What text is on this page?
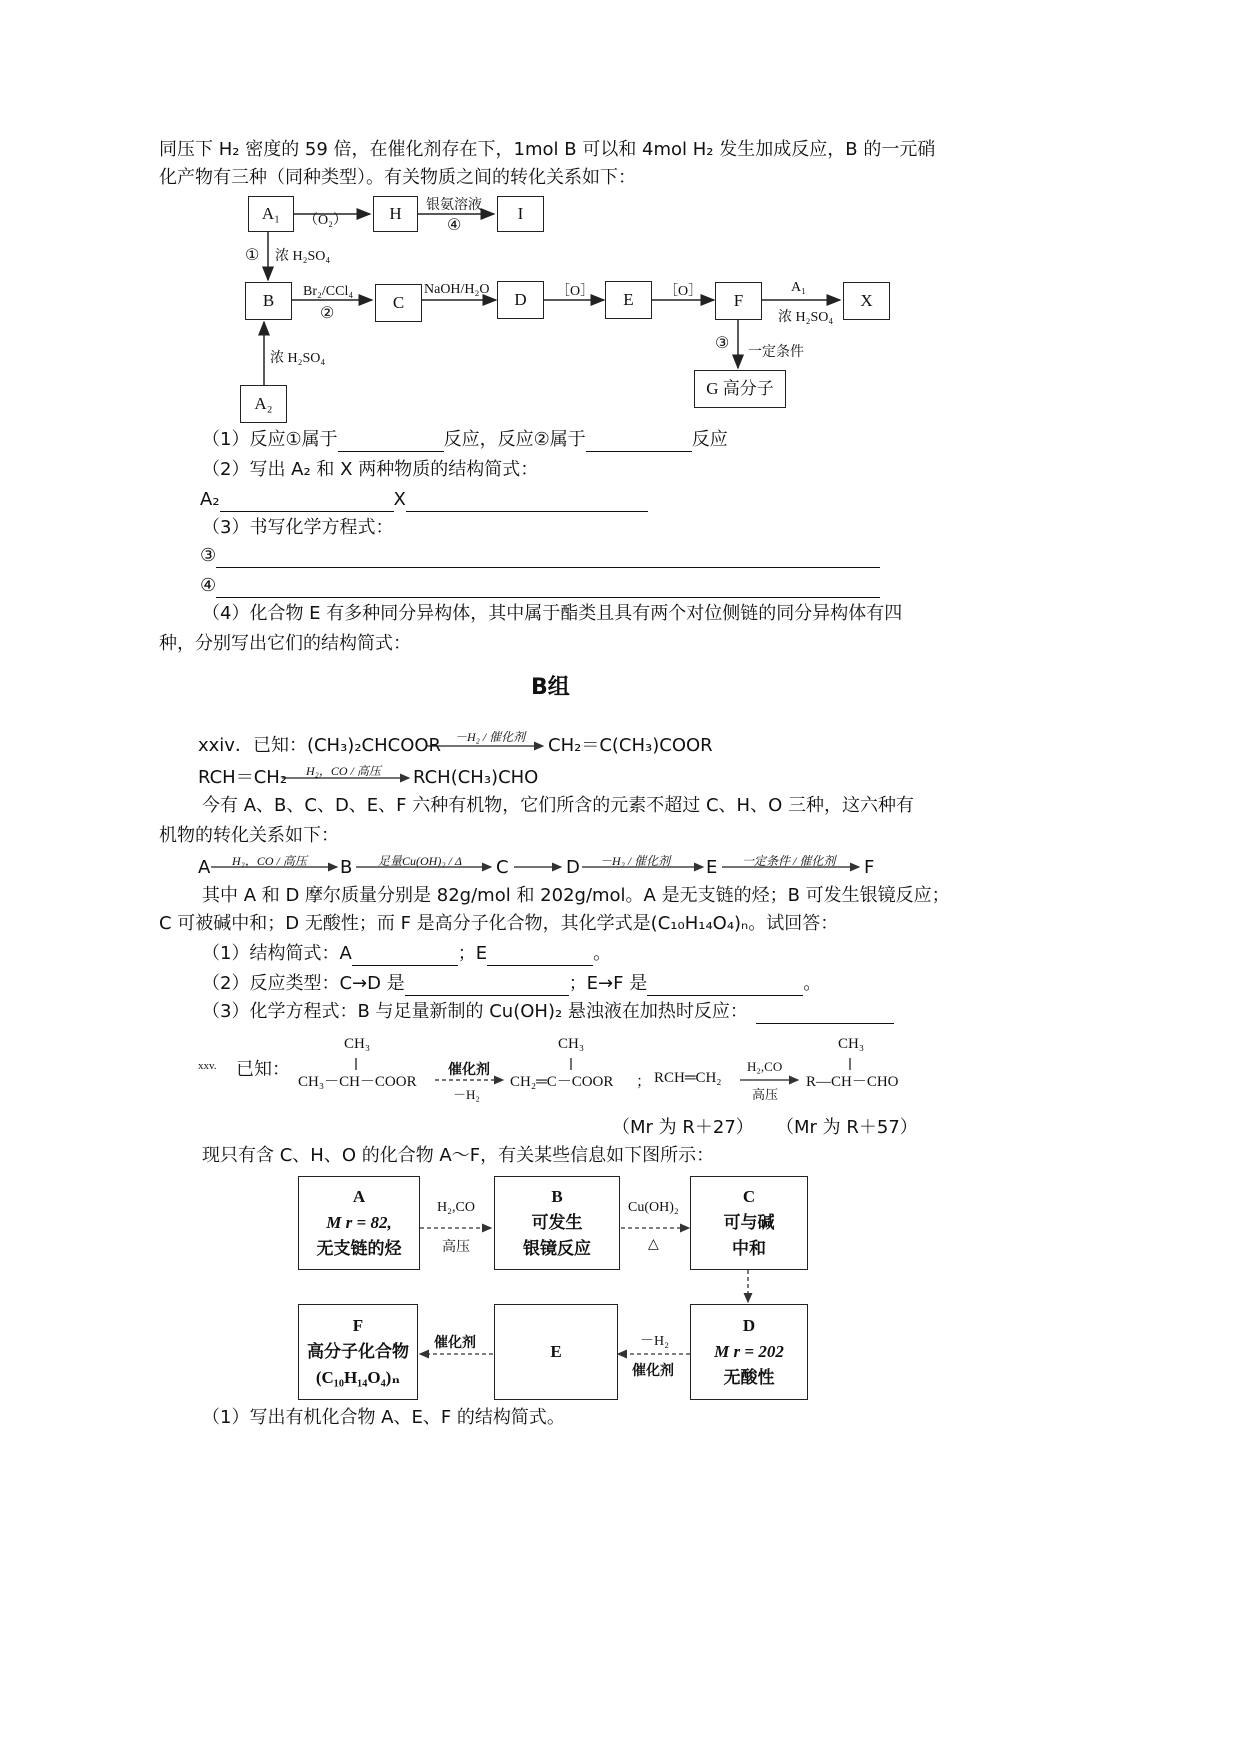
同压下 H₂ 密度的 59 倍，在催化剂存在下，1mol B 可以和 4mol H₂ 发生加成反应，B 的一元硝
化产物有三种（同种类型）。有关物质之间的转化关系如下：
A₁	H	I
B	C	D	E	F	X
A₂
G 高分子
（O₂）
银氨溶液
④
① 浓 H₂SO₄
Br₂/CCl₄
②
NaOH/H₂O	［O］	［O］	A₁
浓 H₂SO₄
③
一定条件
浓 H₂SO₄
（1）反应①属于	反应，反应②属于	反应
（2）写出 A₂ 和 X 两种物质的结构简式：
A₂	X
（3）书写化学方程式：
③
④
（4）化合物 E 有多种同分异构体，其中属于酯类且具有两个对位侧链的同分异构体有四
种，分别写出它们的结构简式：
B组
xxiv．已知：(CH₃)₂CHCOOR －H₂ / 催化剂 CH₂＝C(CH₃)COOR
RCH＝CH₂ H₂，CO / 高压 RCH(CH₃)CHO
今有 A、B、C、D、E、F 六种有机物，它们所含的元素不超过 C、H、O 三种，这六种有
机物的转化关系如下：
A H₂，CO / 高压 B 足量Cu(OH)₂ / Δ C	D －H₂ / 催化剂 E 一定条件 / 催化剂 F
其中 A 和 D 摩尔质量分别是 82g/mol 和 202g/mol。A 是无支链的烃；B 可发生银镜反应；
C 可被碱中和；D 无酸性；而 F 是高分子化合物，其化学式是(C₁₀H₁₄O₄)ₙ。试回答：
（1）结构简式：A	；E	。
（2）反应类型：C→D 是	；E→F 是	。
（3）化学方程式：B 与足量新制的 Cu(OH)₂ 悬浊液在加热时反应：
xxv. 已知：
CH₃
CH₃－CH－COOR
催化剂
－H₂
CH₃
CH₂═C－COOR ； RCH═CH₂
H₂,CO
高压
CH₃
R—CH－CHO
（Mr 为 R＋27） （Mr 为 R＋57）
现只有含 C、H、O 的化合物 A～F，有关某些信息如下图所示：
A
M r = 82,
无支链的烃
B
可发生
银镜反应
C
可与碱
中和
D
M r = 202
无酸性
E
F
高分子化合物
(C₁₀H₁₄O₄)ₙ
H₂,CO
高压
Cu(OH)₂
△
－H₂
催化剂
催化剂
（1）写出有机化合物 A、E、F 的结构简式。
